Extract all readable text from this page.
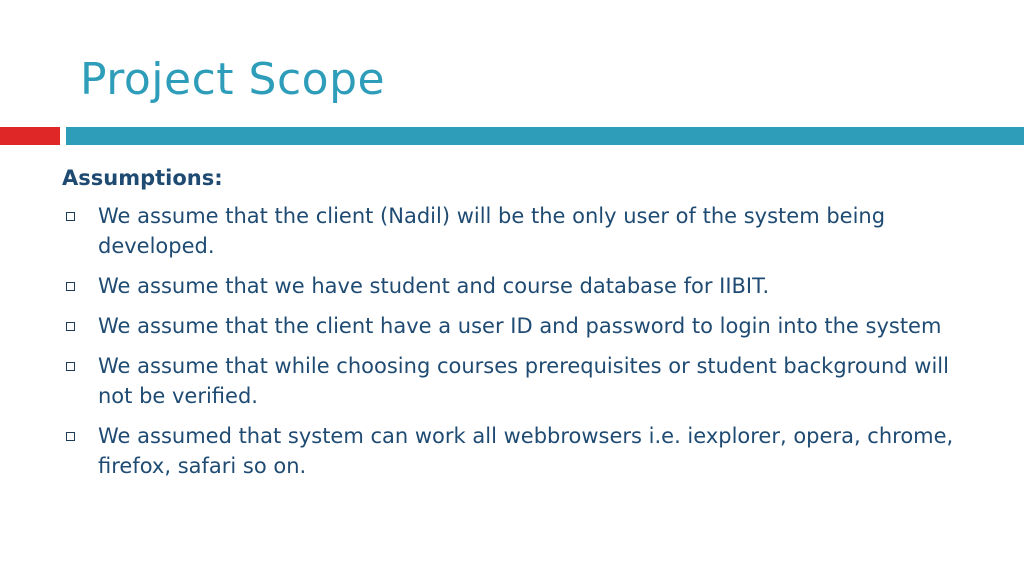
Project Scope
Assumptions:
We assume that the client (Nadil) will be the only user of the system being developed.
We assume that we have student and course database for IIBIT.
We assume that the client have a user ID and password to login into the system
We assume that while choosing courses prerequisites or student background will not be verified.
We assumed that system can work all webbrowsers i.e. iexplorer, opera, chrome, firefox, safari so on.
